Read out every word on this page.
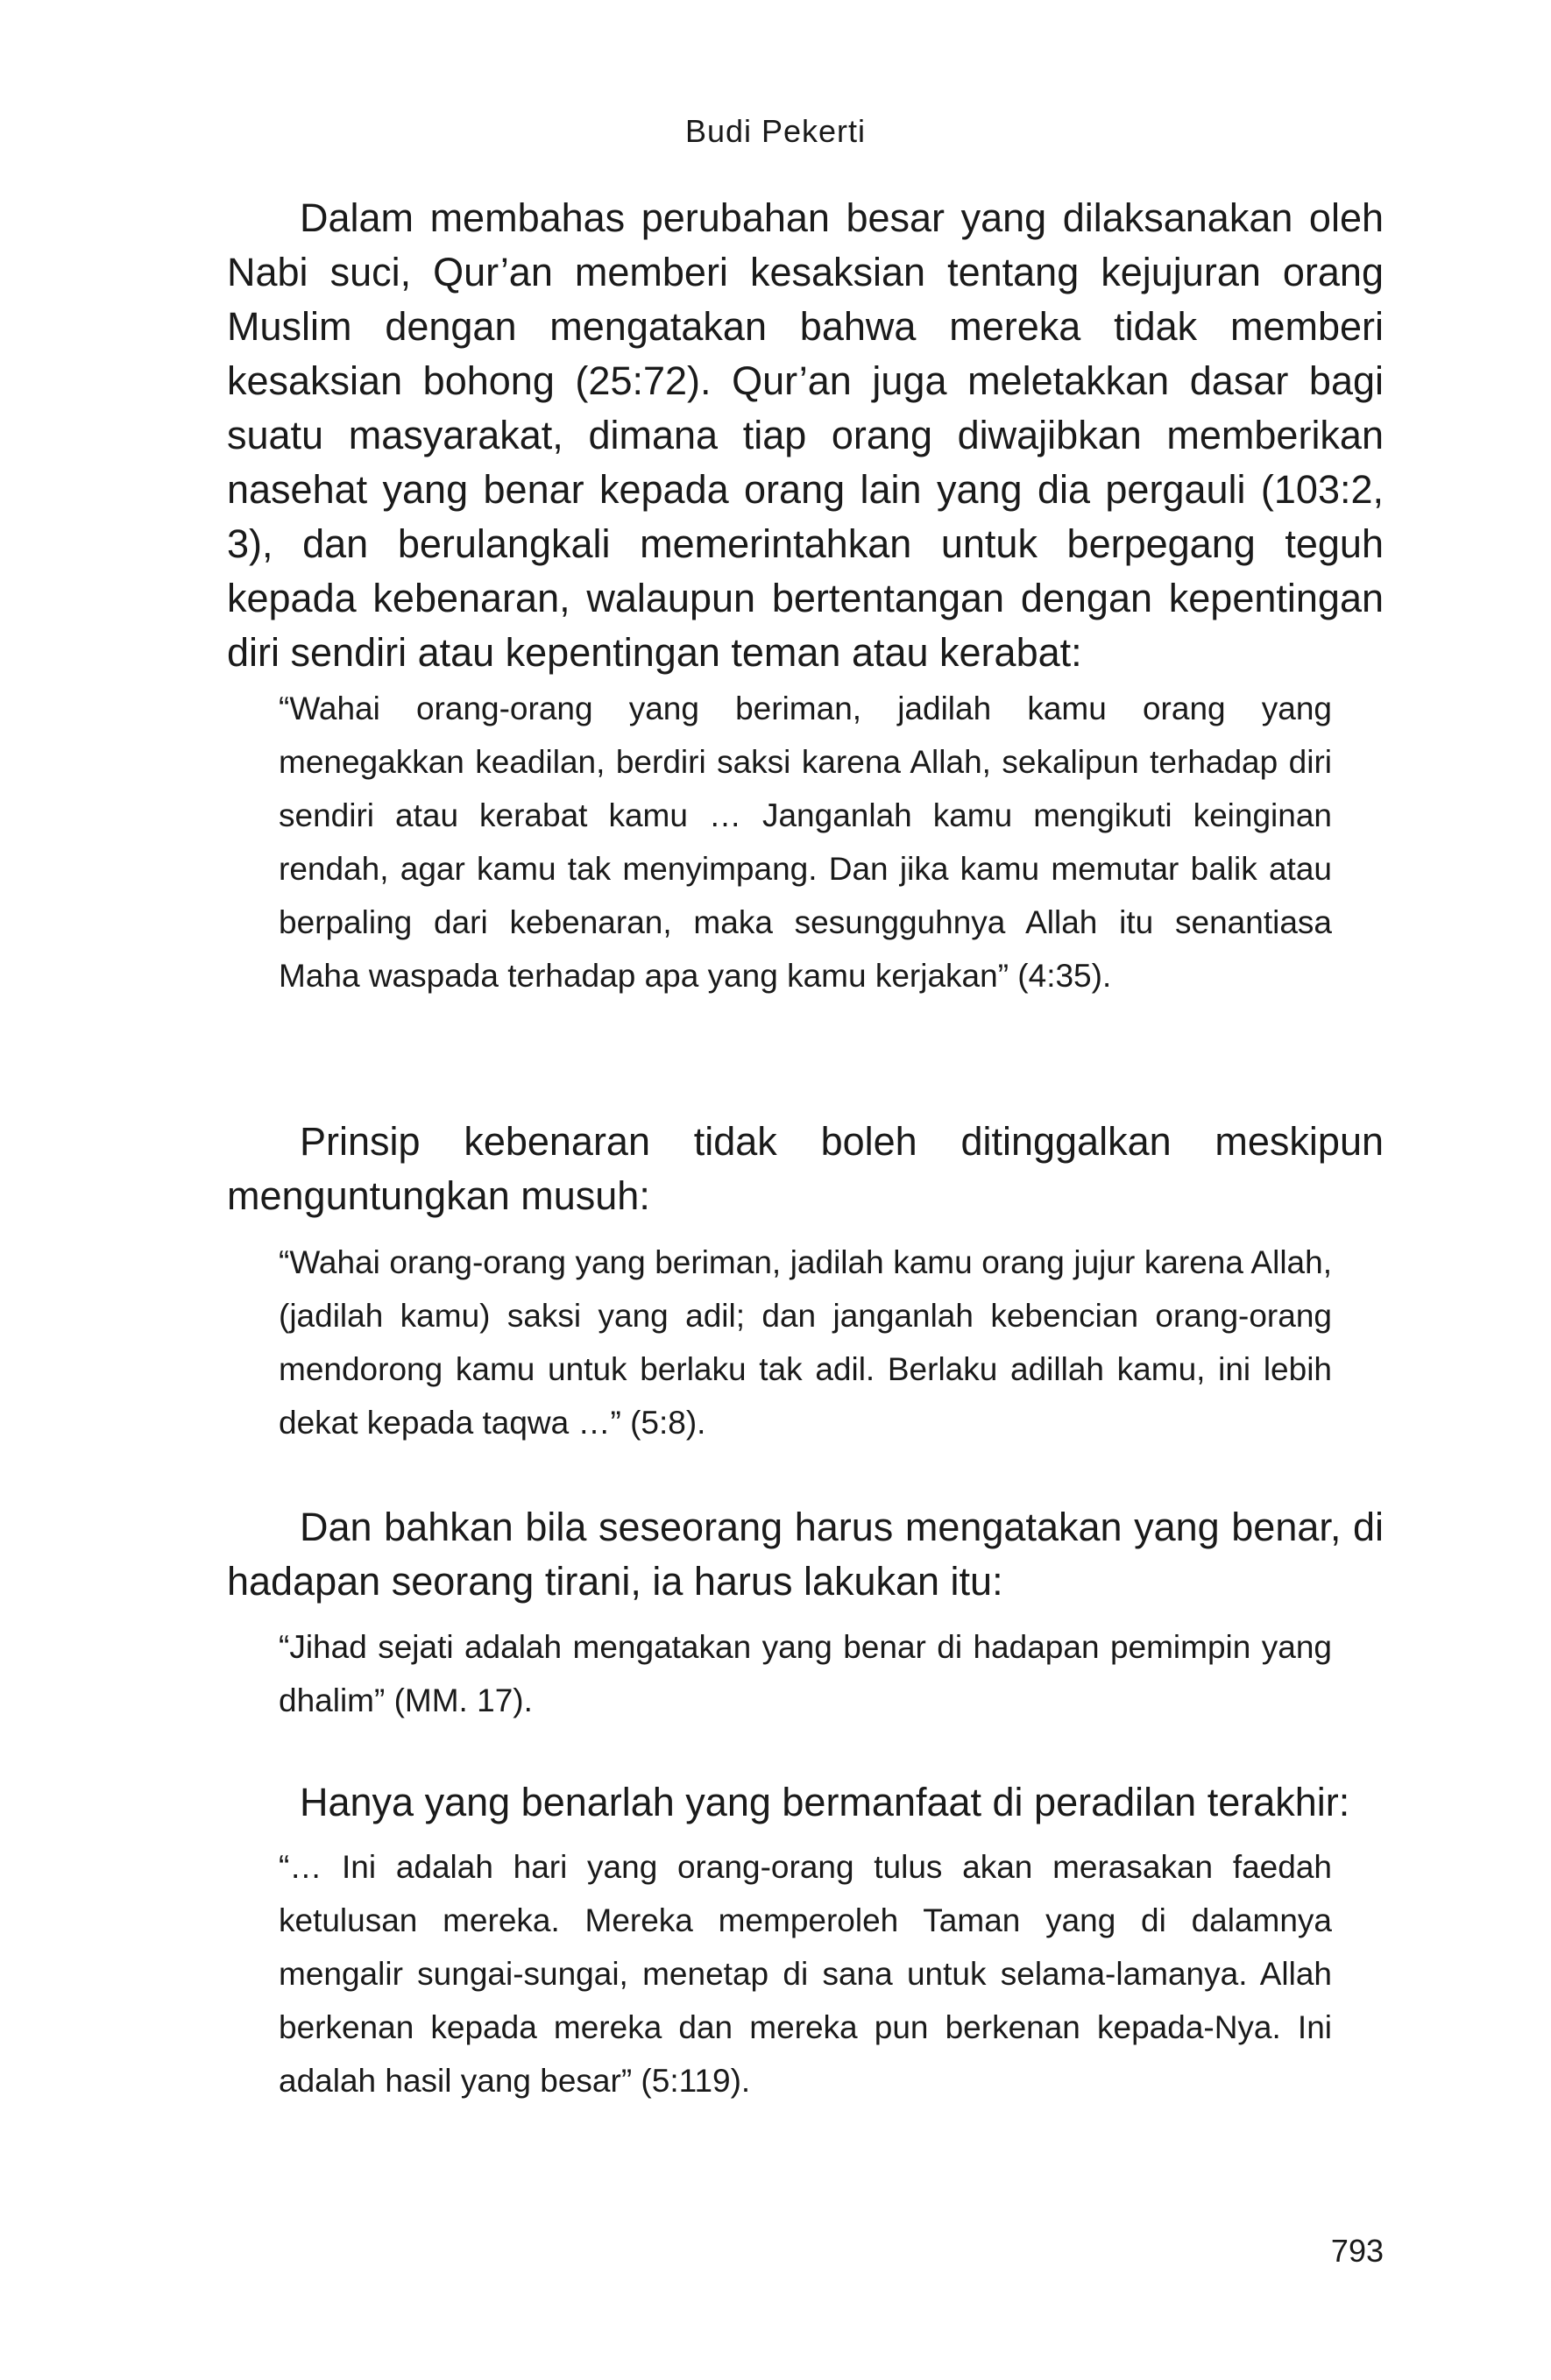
Budi Pekerti

Dalam membahas perubahan besar yang dilaksanakan oleh Nabi suci, Qur’an memberi kesaksian tentang kejujuran orang Muslim dengan mengatakan bahwa mereka tidak memberi kesaksian bohong (25:72). Qur’an juga meletakkan dasar bagi suatu masyarakat, dimana tiap orang diwajibkan memberikan nasehat yang benar kepada orang lain yang dia pergauli (103:2, 3), dan berulangkali memerintahkan untuk berpegang teguh kepada kebenaran, walaupun bertentangan dengan kepentingan diri sendiri atau kepentingan teman atau kerabat:

“Wahai orang-orang yang beriman, jadilah kamu orang yang menegakkan keadilan, berdiri saksi karena Allah, sekalipun terhadap diri sendiri atau kerabat kamu … Janganlah kamu mengikuti keinginan rendah, agar kamu tak menyimpang. Dan jika kamu memutar balik atau berpaling dari kebenaran, maka sesungguhnya Allah itu senantiasa Maha waspada terhadap apa yang kamu kerjakan” (4:35).

Prinsip kebenaran tidak boleh ditinggalkan meskipun menguntungkan musuh:

“Wahai orang-orang yang beriman, jadilah kamu orang jujur karena Allah, (jadilah kamu) saksi yang adil; dan janganlah kebencian orang-orang mendorong kamu untuk berlaku tak adil. Berlaku adillah kamu, ini lebih dekat kepada taqwa …” (5:8).

Dan bahkan bila seseorang harus mengatakan yang benar, di hadapan seorang tirani, ia harus lakukan itu:

“Jihad sejati adalah mengatakan yang benar di hadapan pemimpin yang dhalim” (MM. 17).

Hanya yang benarlah yang bermanfaat di peradilan terakhir:

“… Ini adalah hari yang orang-orang tulus akan merasakan faedah ketulusan mereka. Mereka memperoleh Taman yang di dalamnya mengalir sungai-sungai, menetap di sana untuk selama-lamanya. Allah berkenan kepada mereka dan mereka pun berkenan kepada-Nya. Ini adalah hasil yang besar” (5:119).

793
